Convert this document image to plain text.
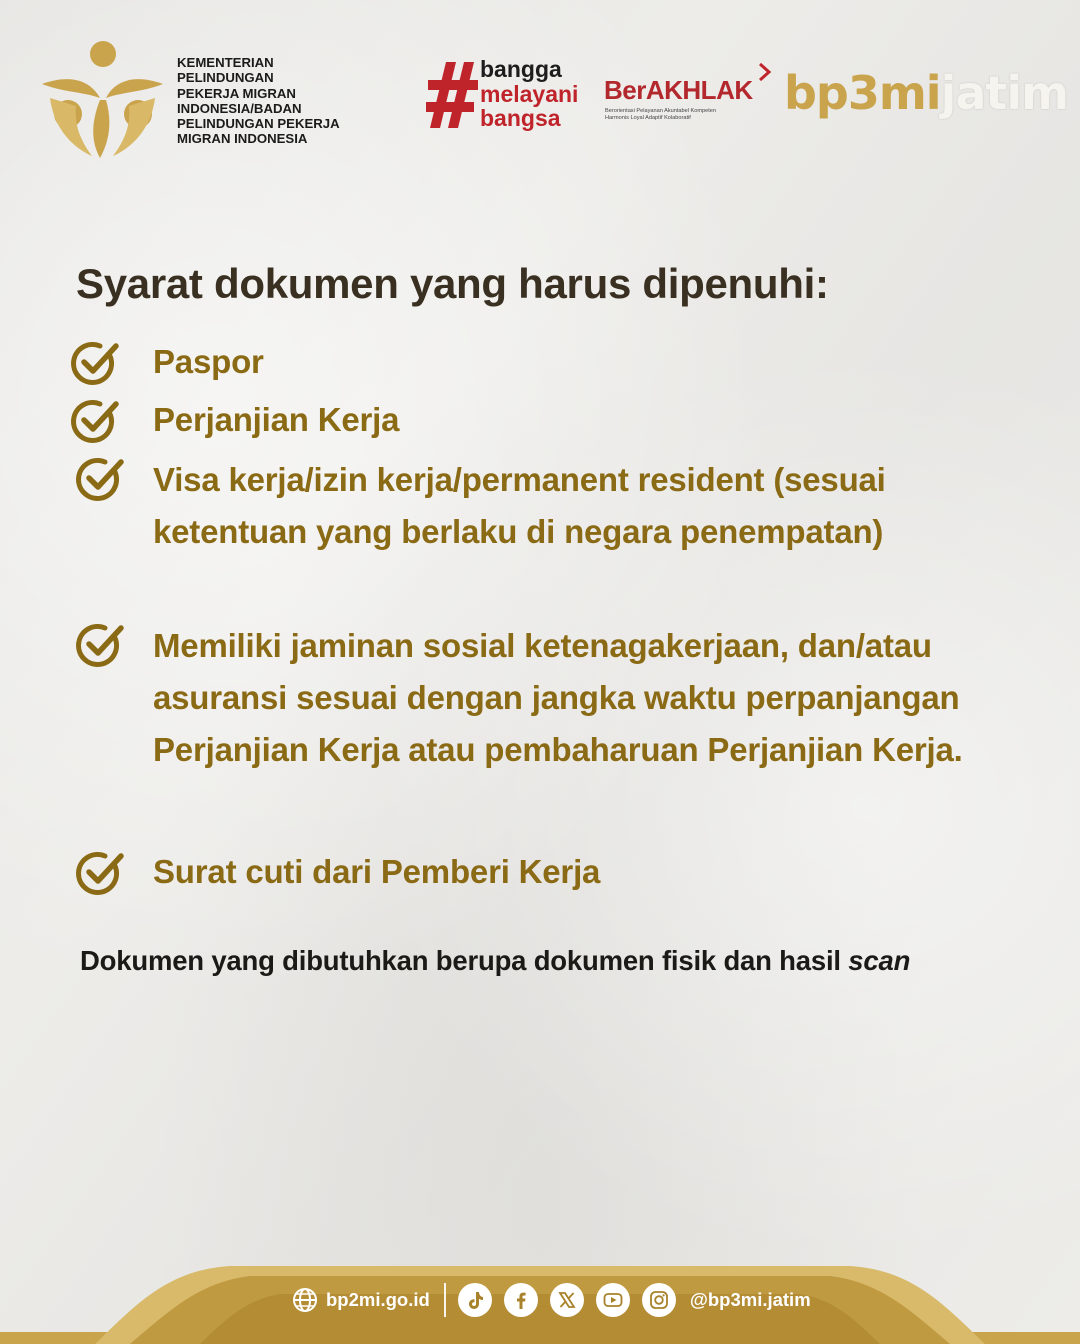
KEMENTERIAN
PELINDUNGAN
PEKERJA MIGRAN
INDONESIA/BADAN
PELINDUNGAN PEKERJA
MIGRAN INDONESIA
bangga
melayani
bangsa
BerAKHLAK
Berorientasi Pelayanan Akuntabel Kompeten
Harmonis Loyal Adaptif Kolaboratif	bp3mijatim
Syarat dokumen yang harus dipenuhi:

Paspor

Perjanjian Kerja

Visa kerja/izin kerja/permanent resident (sesuai ketentuan yang berlaku di negara penempatan)

Memiliki jaminan sosial ketenagakerjaan, dan/atau asuransi sesuai dengan jangka waktu perpanjangan Perjanjian Kerja atau pembaharuan Perjanjian Kerja.

Surat cuti dari Pemberi Kerja

Dokumen yang dibutuhkan berupa dokumen fisik dan hasil scan

bp2mi.go.id	@bp3mi.jatim
